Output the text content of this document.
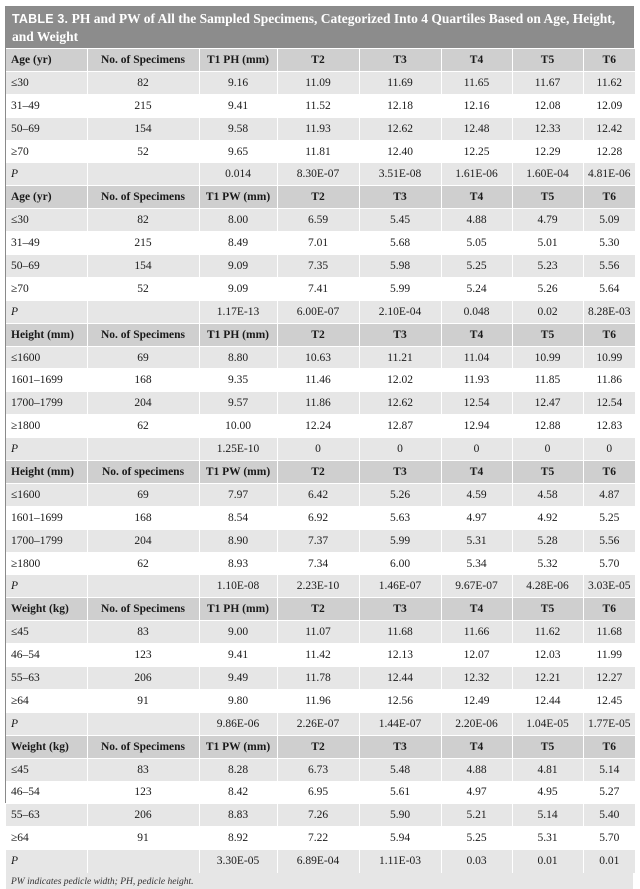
TABLE 3. PH and PW of All the Sampled Specimens, Categorized Into 4 Quartiles Based on Age, Height, and Weight
Age (yr)	No. of Specimens	T1 PH (mm)	T2	T3	T4	T5	T6
≤30	82	9.16	11.09	11.69	11.65	11.67	11.62
31–49	215	9.41	11.52	12.18	12.16	12.08	12.09
50–69	154	9.58	11.93	12.62	12.48	12.33	12.42
≥70	52	9.65	11.81	12.40	12.25	12.29	12.28
P		0.014	8.30E-07	3.51E-08	1.61E-06	1.60E-04	4.81E-06
Age (yr)	No. of Specimens	T1 PW (mm)	T2	T3	T4	T5	T6
≤30	82	8.00	6.59	5.45	4.88	4.79	5.09
31–49	215	8.49	7.01	5.68	5.05	5.01	5.30
50–69	154	9.09	7.35	5.98	5.25	5.23	5.56
≥70	52	9.09	7.41	5.99	5.24	5.26	5.64
P		1.17E-13	6.00E-07	2.10E-04	0.048	0.02	8.28E-03
Height (mm)	No. of Specimens	T1 PH (mm)	T2	T3	T4	T5	T6
≤1600	69	8.80	10.63	11.21	11.04	10.99	10.99
1601–1699	168	9.35	11.46	12.02	11.93	11.85	11.86
1700–1799	204	9.57	11.86	12.62	12.54	12.47	12.54
≥1800	62	10.00	12.24	12.87	12.94	12.88	12.83
P		1.25E-10	0	0	0	0	0
Height (mm)	No. of specimens	T1 PW (mm)	T2	T3	T4	T5	T6
≤1600	69	7.97	6.42	5.26	4.59	4.58	4.87
1601–1699	168	8.54	6.92	5.63	4.97	4.92	5.25
1700–1799	204	8.90	7.37	5.99	5.31	5.28	5.56
≥1800	62	8.93	7.34	6.00	5.34	5.32	5.70
P		1.10E-08	2.23E-10	1.46E-07	9.67E-07	4.28E-06	3.03E-05
Weight (kg)	No. of Specimens	T1 PH (mm)	T2	T3	T4	T5	T6
≤45	83	9.00	11.07	11.68	11.66	11.62	11.68
46–54	123	9.41	11.42	12.13	12.07	12.03	11.99
55–63	206	9.49	11.78	12.44	12.32	12.21	12.27
≥64	91	9.80	11.96	12.56	12.49	12.44	12.45
P		9.86E-06	2.26E-07	1.44E-07	2.20E-06	1.04E-05	1.77E-05
Weight (kg)	No. of Specimens	T1 PW (mm)	T2	T3	T4	T5	T6
≤45	83	8.28	6.73	5.48	4.88	4.81	5.14
46–54	123	8.42	6.95	5.61	4.97	4.95	5.27
55–63	206	8.83	7.26	5.90	5.21	5.14	5.40
≥64	91	8.92	7.22	5.94	5.25	5.31	5.70
P		3.30E-05	6.89E-04	1.11E-03	0.03	0.01	0.01
PW indicates pedicle width; PH, pedicle height.
